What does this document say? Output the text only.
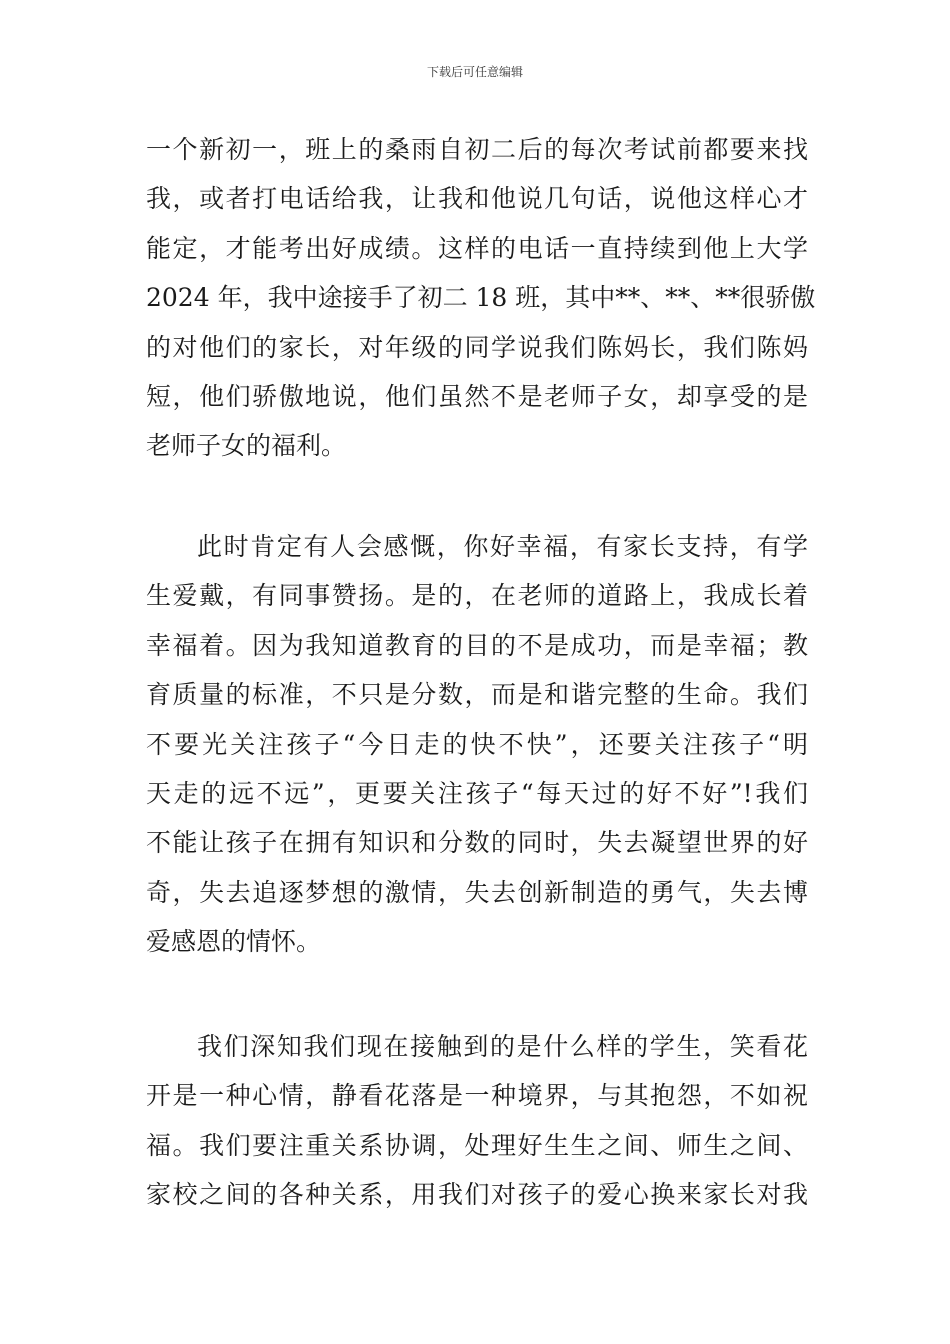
下载后可任意编辑
一个新初一，班上的桑雨自初二后的每次考试前都要来找
我，或者打电话给我，让我和他说几句话，说他这样心才
能定，才能考出好成绩。这样的电话一直持续到他上大学
2024 年，我中途接手了初二 18 班，其中**、**、**很骄傲
的对他们的家长，对年级的同学说我们陈妈长，我们陈妈
短，他们骄傲地说，他们虽然不是老师子女，却享受的是
老师子女的福利。
此时肯定有人会感慨，你好幸福，有家长支持，有学
生爱戴，有同事赞扬。是的，在老师的道路上，我成长着
幸福着。因为我知道教育的目的不是成功，而是幸福；教
育质量的标准，不只是分数，而是和谐完整的生命。我们
不要光关注孩子“今日走的快不快”，还要关注孩子“明
天走的远不远”，更要关注孩子“每天过的好不好”!我们
不能让孩子在拥有知识和分数的同时，失去凝望世界的好
奇，失去追逐梦想的激情，失去创新制造的勇气，失去博
爱感恩的情怀。
我们深知我们现在接触到的是什么样的学生，笑看花
开是一种心情，静看花落是一种境界，与其抱怨，不如祝
福。我们要注重关系协调，处理好生生之间、师生之间、
家校之间的各种关系，用我们对孩子的爱心换来家长对我
